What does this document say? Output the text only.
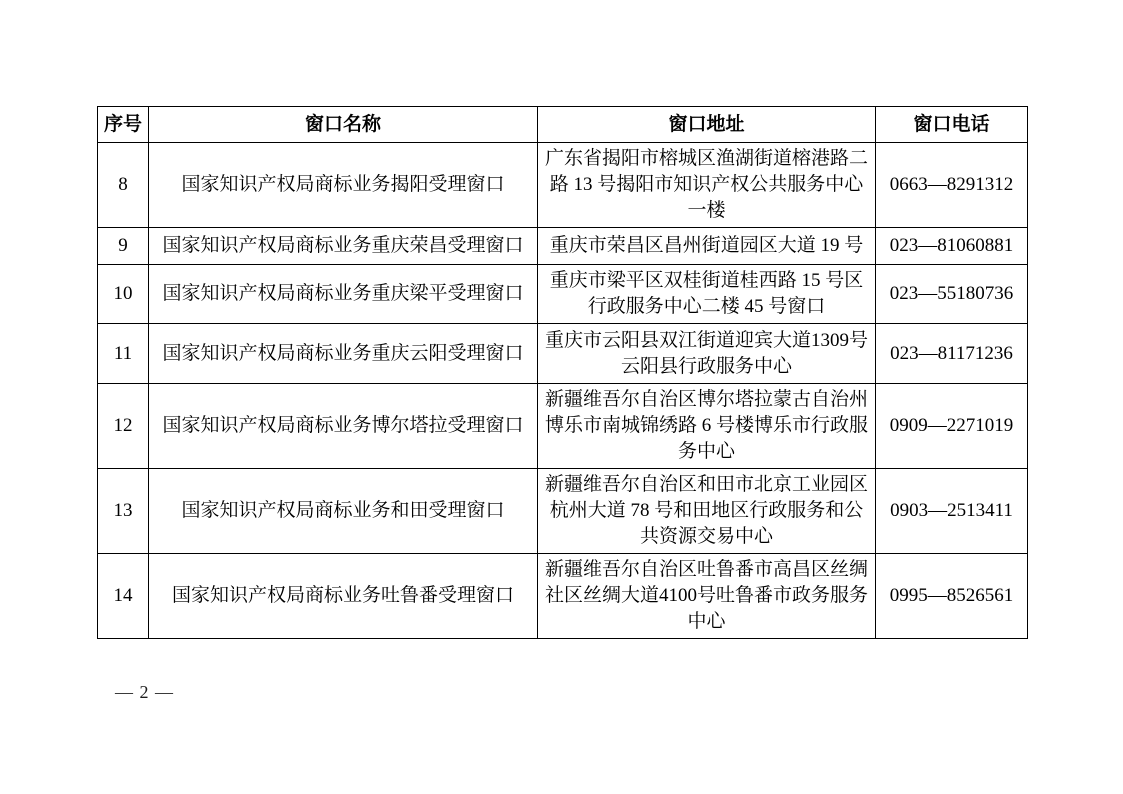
序号	窗口名称	窗口地址	窗口电话
8	国家知识产权局商标业务揭阳受理窗口	广东省揭阳市榕城区渔湖街道榕港路二路 13 号揭阳市知识产权公共服务中心一楼	0663—8291312
9	国家知识产权局商标业务重庆荣昌受理窗口	重庆市荣昌区昌州街道园区大道 19 号	023—81060881
10	国家知识产权局商标业务重庆梁平受理窗口	重庆市梁平区双桂街道桂西路 15 号区行政服务中心二楼 45 号窗口	023—55180736
11	国家知识产权局商标业务重庆云阳受理窗口	重庆市云阳县双江街道迎宾大道1309号云阳县行政服务中心	023—81171236
12	国家知识产权局商标业务博尔塔拉受理窗口	新疆维吾尔自治区博尔塔拉蒙古自治州博乐市南城锦绣路 6 号楼博乐市行政服务中心	0909—2271019
13	国家知识产权局商标业务和田受理窗口	新疆维吾尔自治区和田市北京工业园区杭州大道 78 号和田地区行政服务和公共资源交易中心	0903—2513411
14	国家知识产权局商标业务吐鲁番受理窗口	新疆维吾尔自治区吐鲁番市高昌区丝绸社区丝绸大道4100号吐鲁番市政务服务中心	0995—8526561
— 2 —
